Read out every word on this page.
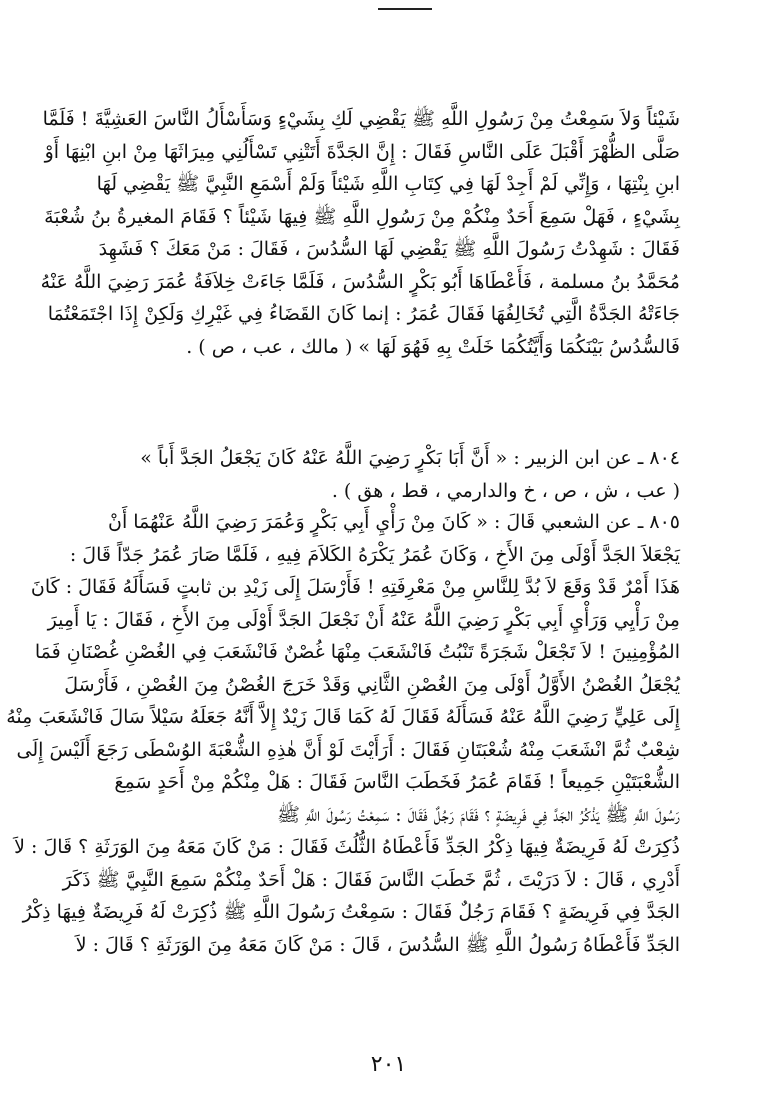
شَيْئاً وَلاَ سَمِعْتُ مِنْ رَسُولِ اللَّهِ ﷺ يَقْضِي لَكِ بِشَيْءٍ وَسَأَسْأَلُ النَّاسَ العَشِيَّةَ ! فَلَمَّا
صَلَّى الظُّهْرَ أَقْبَلَ عَلَى النَّاسِ فَقَالَ : إِنَّ الجَدَّةَ أَتَتْنِي تَسْأَلُنِي مِيرَاثَهَا مِنْ ابنِ ابْنِهَا أَوْ
ابنِ بِنْتِهَا ، وَإِنِّي لَمْ أَجِدْ لَهَا فِي كِتَابِ اللَّهِ شَيْئاً وَلَمْ أَسْمَعِ النَّبِيَّ ﷺ يَقْضِي لَهَا
بِشَيْءٍ ، فَهَلْ سَمِعَ أَحَدٌ مِنْكُمْ مِنْ رَسُولِ اللَّهِ ﷺ فِيهَا شَيْئاً ؟ فَقَامَ المغيرةُ بنُ شُعْبَةَ
فَقَالَ : شَهِدْتُ رَسُولَ اللَّهِ ﷺ يَقْضِي لَهَا السُّدُسَ ، فَقَالَ : مَنْ مَعَكَ ؟ فَشَهِدَ
مُحَمَّدُ بنُ مسلمة ، فَأَعْطَاهَا أَبُو بَكْرٍ السُّدُسَ ، فَلَمَّا جَاءَتْ خِلاَفَةُ عُمَرَ رَضِيَ اللَّهُ عَنْهُ
جَاءَتْهُ الجَدَّةُ الَّتِي تُخَالِفُهَا فَقَالَ عُمَرُ : إنما كَانَ القَضَاءُ فِي غَيْرِكِ وَلَكِنْ إِذَا اجْتَمَعْتُمَا
فَالسُّدُسُ بَيْنَكُمَا وَأَيَّتُكُمَا خَلَتْ بِهِ فَهُوَ لَهَا » ( مالك ، عب ، ص ) .
٨٠٤ ـ عن ابن الزبير : « أَنَّ أَبَا بَكْرٍ رَضِيَ اللَّهُ عَنْهُ كَانَ يَجْعَلُ الجَدَّ أَباً »
( عب ، ش ، ص ، خ والدارمي ، قط ، هق ) .
٨٠٥ ـ عن الشعبي قَالَ : « كَانَ مِنْ رَأْيِ أَبِي بَكْرٍ وَعُمَرَ رَضِيَ اللَّهُ عَنْهُمَا أَنْ
يَجْعَلاَ الجَدَّ أَوْلَى مِنَ الأَخِ ، وَكَانَ عُمَرُ يَكْرَهُ الكَلاَمَ فِيهِ ، فَلَمَّا صَارَ عُمَرُ جَدّاً قَالَ :
هَذَا أَمْرٌ قَدْ وَقَعَ لاَ بُدَّ لِلنَّاسِ مِنْ مَعْرِفَتِهِ ! فَأَرْسَلَ إِلَى زَيْدِ بن ثابتٍ فَسَأَلَهُ فَقَالَ : كَانَ
مِنْ رَأْيِي وَرَأْيِ أَبِي بَكْرٍ رَضِيَ اللَّهُ عَنْهُ أَنْ نَجْعَلَ الجَدَّ أَوْلَى مِنَ الأَخِ ، فَقَالَ : يَا أَمِيرَ
المُؤْمِنِينَ ! لاَ تَجْعَلْ شَجَرَةً تَنْبُتُ فَانْشَعَبَ مِنْهَا غُصْنٌ فَانْشَعَبَ فِي الغُصْنِ غُصْنَانِ فَمَا
يُجْعَلُ الغُصْنُ الأَوَّلُ أَوْلَى مِنَ الغُصْنِ الثَّانِي وَقَدْ خَرَجَ الغُصْنُ مِنَ الغُصْنِ ، فَأَرْسَلَ
إِلَى عَلِيٍّ رَضِيَ اللَّهُ عَنْهُ فَسَأَلَهُ فَقَالَ لَهُ كَمَا قَالَ زَيْدٌ إِلاَّ أَنَّهُ جَعَلَهُ سَيْلاً سَالَ فَانْشَعَبَ مِنْهُ
شِعْبٌ ثُمَّ انْشَعَبَ مِنْهُ شُعْبَتَانِ فَقَالَ : أَرَأَيْتَ لَوْ أَنَّ هٰذِهِ الشُّعْبَةَ الوُسْطَى رَجَعَ أَلَيْسَ إِلَى
الشُّعْبَتَيْنِ جَمِيعاً ! فَقَامَ عُمَرُ فَخَطَبَ النَّاسَ فَقَالَ : هَلْ مِنْكُمْ مِنْ أَحَدٍ سَمِعَ
رَسُولَ اللَّهِ ﷺ يَذْكُرُ الجَدَّ فِي فَرِيضَةٍ ؟ فَقَامَ رَجُلٌ فَقَالَ : سَمِعْتُ رَسُولَ اللَّهِ ﷺ
ذُكِرَتْ لَهُ فَرِيضَةٌ فِيهَا ذِكْرُ الجَدِّ فَأَعْطَاهُ الثُّلُثَ فَقَالَ : مَنْ كَانَ مَعَهُ مِنَ الوَرَثَةِ ؟ قَالَ : لاَ
أَدْرِي ، قَالَ : لاَ دَرَيْتَ ، ثُمَّ خَطَبَ النَّاسَ فَقَالَ : هَلْ أَحَدٌ مِنْكُمْ سَمِعَ النَّبِيَّ ﷺ ذَكَرَ
الجَدَّ فِي فَرِيضَةٍ ؟ فَقَامَ رَجُلٌ فَقَالَ : سَمِعْتُ رَسُولَ اللَّهِ ﷺ ذُكِرَتْ لَهُ فَرِيضَةٌ فِيهَا ذِكْرُ
الجَدِّ فَأَعْطَاهُ رَسُولُ اللَّهِ ﷺ السُّدُسَ ، قَالَ : مَنْ كَانَ مَعَهُ مِنَ الوَرَثَةِ ؟ قَالَ : لاَ
٢٠١
